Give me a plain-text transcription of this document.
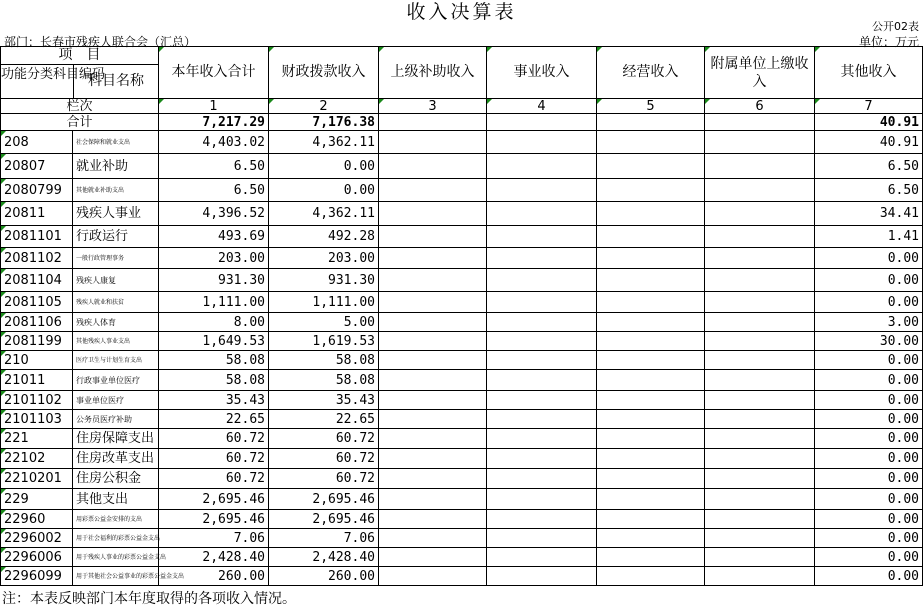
收入决算表
公开02表
部门：长春市残疾人联合会（汇总）	单位：万元
项　目
功能分类科目编码
科目名称		本年收入合计	财政拨款收入	上级补助收入	事业收入	经营收入	附属单位上缴收入	其他收入
栏次		1	2	3	4	5	6	7
合计		7,217.29	7,176.38					40.91
208	社会保障和就业支出	4,403.02	4,362.11					40.91
20807	就业补助	6.50	0.00					6.50
2080799	其他就业补助支出	6.50	0.00					6.50
20811	残疾人事业	4,396.52	4,362.11					34.41
2081101	行政运行	493.69	492.28					1.41
2081102	一般行政管理事务	203.00	203.00					0.00
2081104	残疾人康复	931.30	931.30					0.00
2081105	残疾人就业和扶贫	1,111.00	1,111.00					0.00
2081106	残疾人体育	8.00	5.00					3.00
2081199	其他残疾人事业支出	1,649.53	1,619.53					30.00
210	医疗卫生与计划生育支出	58.08	58.08					0.00
21011	行政事业单位医疗	58.08	58.08					0.00
2101102	事业单位医疗	35.43	35.43					0.00
2101103	公务员医疗补助	22.65	22.65					0.00
221	住房保障支出	60.72	60.72					0.00
22102	住房改革支出	60.72	60.72					0.00
2210201	住房公积金	60.72	60.72					0.00
229	其他支出	2,695.46	2,695.46					0.00
22960	用彩票公益金安排的支出	2,695.46	2,695.46					0.00
2296002	用于社会福利的彩票公益金支出	7.06	7.06					0.00
2296006	用于残疾人事业的彩票公益金支出	2,428.40	2,428.40					0.00
2296099	用于其他社会公益事业的彩票公益金支出	260.00	260.00					0.00
注：本表反映部门本年度取得的各项收入情况。
